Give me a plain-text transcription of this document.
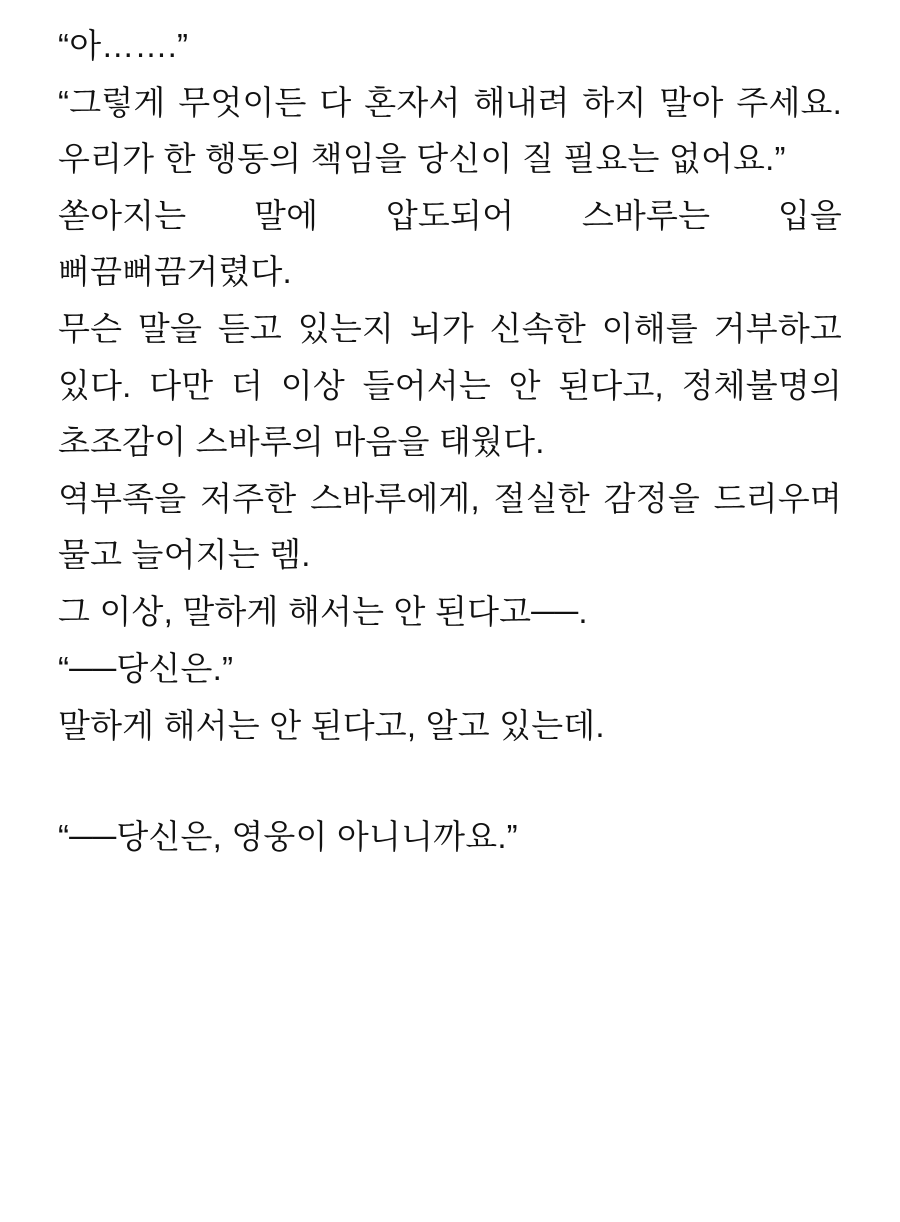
“아…….”

“그렇게 무엇이든 다 혼자서 해내려 하지 말아 주세요. 우리가 한 행동의 책임을 당신이 질 필요는 없어요.”

쏟아지는 말에 압도되어 스바루는 입을 뻐끔뻐끔거렸다.

무슨 말을 듣고 있는지 뇌가 신속한 이해를 거부하고 있다. 다만 더 이상 들어서는 안 된다고, 정체불명의 초조감이 스바루의 마음을 태웠다.

역부족을 저주한 스바루에게, 절실한 감정을 드리우며 물고 늘어지는 렘.

그 이상, 말하게 해서는 안 된다고──.

“──당신은.”

말하게 해서는 안 된다고, 알고 있는데.

“──당신은, 영웅이 아니니까요.”
